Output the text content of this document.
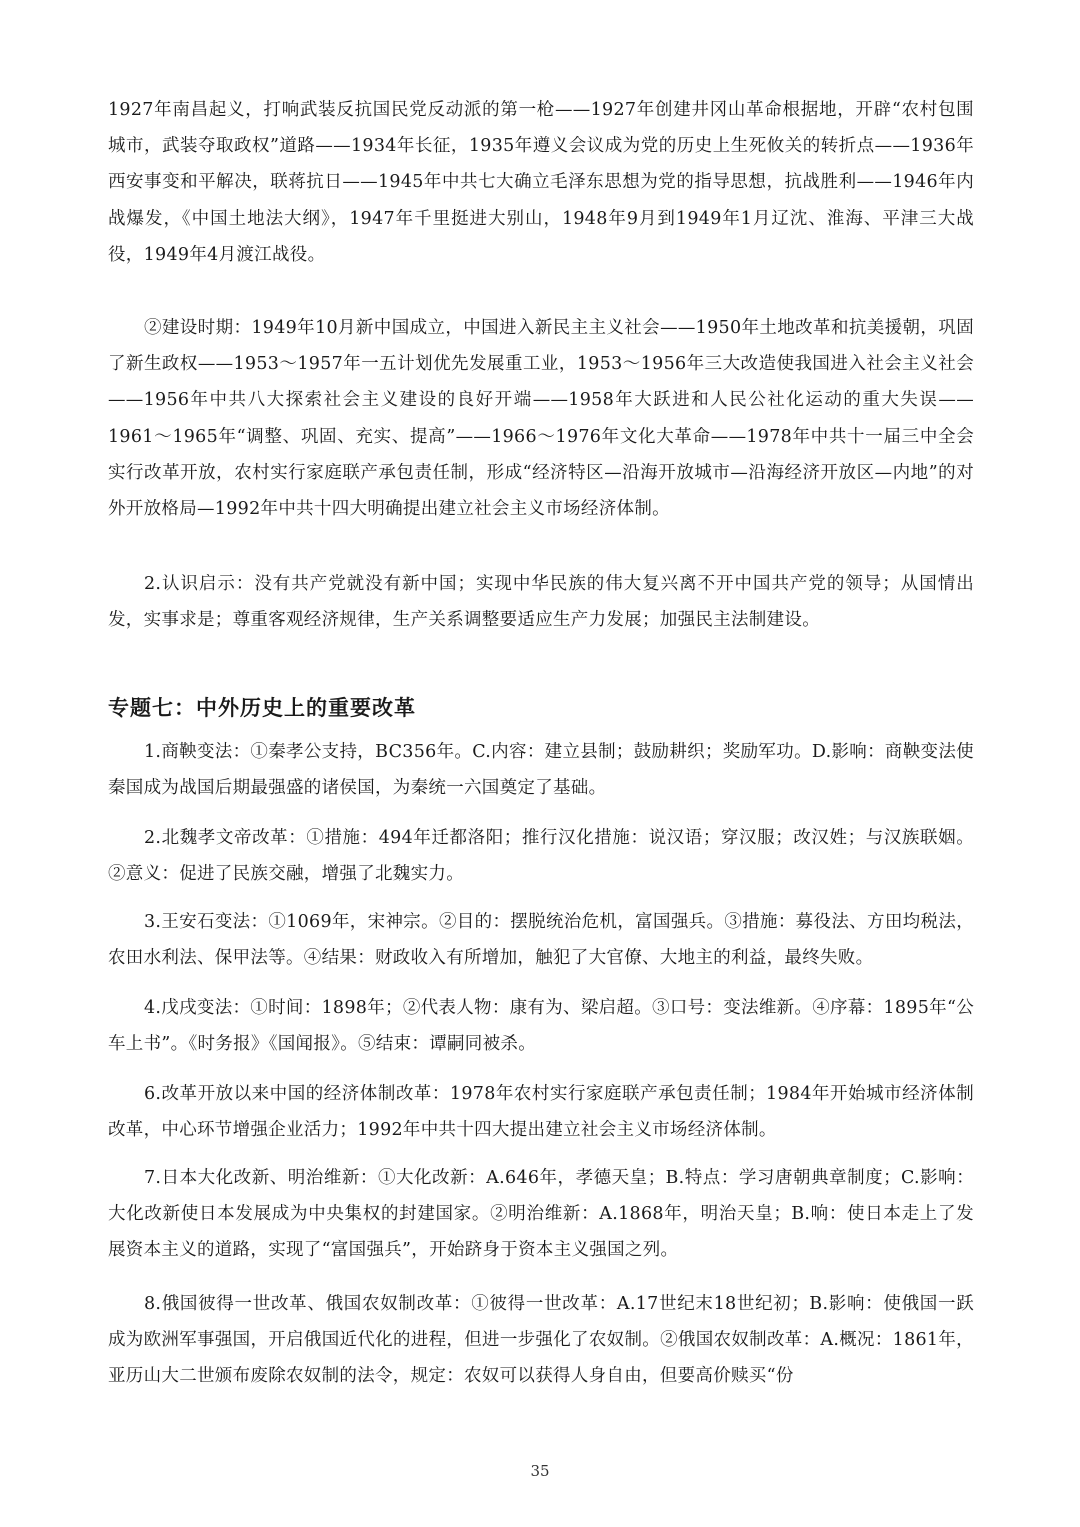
1927年南昌起义，打响武装反抗国民党反动派的第一枪——1927年创建井冈山革命根据地，开辟“农村包围城市，武装夺取政权”道路——1934年长征，1935年遵义会议成为党的历史上生死攸关的转折点——1936年西安事变和平解决，联蒋抗日——1945年中共七大确立毛泽东思想为党的指导思想，抗战胜利——1946年内战爆发，《中国土地法大纲》，1947年千里挺进大别山，1948年9月到1949年1月辽沈、淮海、平津三大战役，1949年4月渡江战役。

②建设时期：1949年10月新中国成立，中国进入新民主主义社会——1950年土地改革和抗美援朝，巩固了新生政权——1953～1957年一五计划优先发展重工业，1953～1956年三大改造使我国进入社会主义社会——1956年中共八大探索社会主义建设的良好开端——1958年大跃进和人民公社化运动的重大失误——1961～1965年“调整、巩固、充实、提高”——1966～1976年文化大革命——1978年中共十一届三中全会实行改革开放，农村实行家庭联产承包责任制，形成“经济特区—沿海开放城市—沿海经济开放区—内地”的对外开放格局—1992年中共十四大明确提出建立社会主义市场经济体制。

2.认识启示：没有共产党就没有新中国；实现中华民族的伟大复兴离不开中国共产党的领导；从国情出发，实事求是；尊重客观经济规律，生产关系调整要适应生产力发展；加强民主法制建设。

专题七：中外历史上的重要改革

1.商鞅变法：①秦孝公支持，BC356年。C.内容：建立县制；鼓励耕织；奖励军功。D.影响：商鞅变法使秦国成为战国后期最强盛的诸侯国，为秦统一六国奠定了基础。

2.北魏孝文帝改革：①措施：494年迁都洛阳；推行汉化措施：说汉语；穿汉服；改汉姓；与汉族联姻。②意义：促进了民族交融，增强了北魏实力。

3.王安石变法：①1069年，宋神宗。②目的：摆脱统治危机，富国强兵。③措施：募役法、方田均税法，农田水利法、保甲法等。④结果：财政收入有所增加，触犯了大官僚、大地主的利益，最终失败。

4.戊戌变法：①时间：1898年；②代表人物：康有为、梁启超。③口号：变法维新。④序幕：1895年“公车上书”。《时务报》《国闻报》。⑤结束：谭嗣同被杀。

6.改革开放以来中国的经济体制改革：1978年农村实行家庭联产承包责任制；1984年开始城市经济体制改革，中心环节增强企业活力；1992年中共十四大提出建立社会主义市场经济体制。

7.日本大化改新、明治维新：①大化改新：A.646年，孝德天皇；B.特点：学习唐朝典章制度；C.影响：大化改新使日本发展成为中央集权的封建国家。②明治维新：A.1868年，明治天皇；B.响：使日本走上了发展资本主义的道路，实现了“富国强兵”，开始跻身于资本主义强国之列。

8.俄国彼得一世改革、俄国农奴制改革：①彼得一世改革：A.17世纪末18世纪初；B.影响：使俄国一跃成为欧洲军事强国，开启俄国近代化的进程，但进一步强化了农奴制。②俄国农奴制改革：A.概况：1861年，亚历山大二世颁布废除农奴制的法令，规定：农奴可以获得人身自由，但要高价赎买“份

35
